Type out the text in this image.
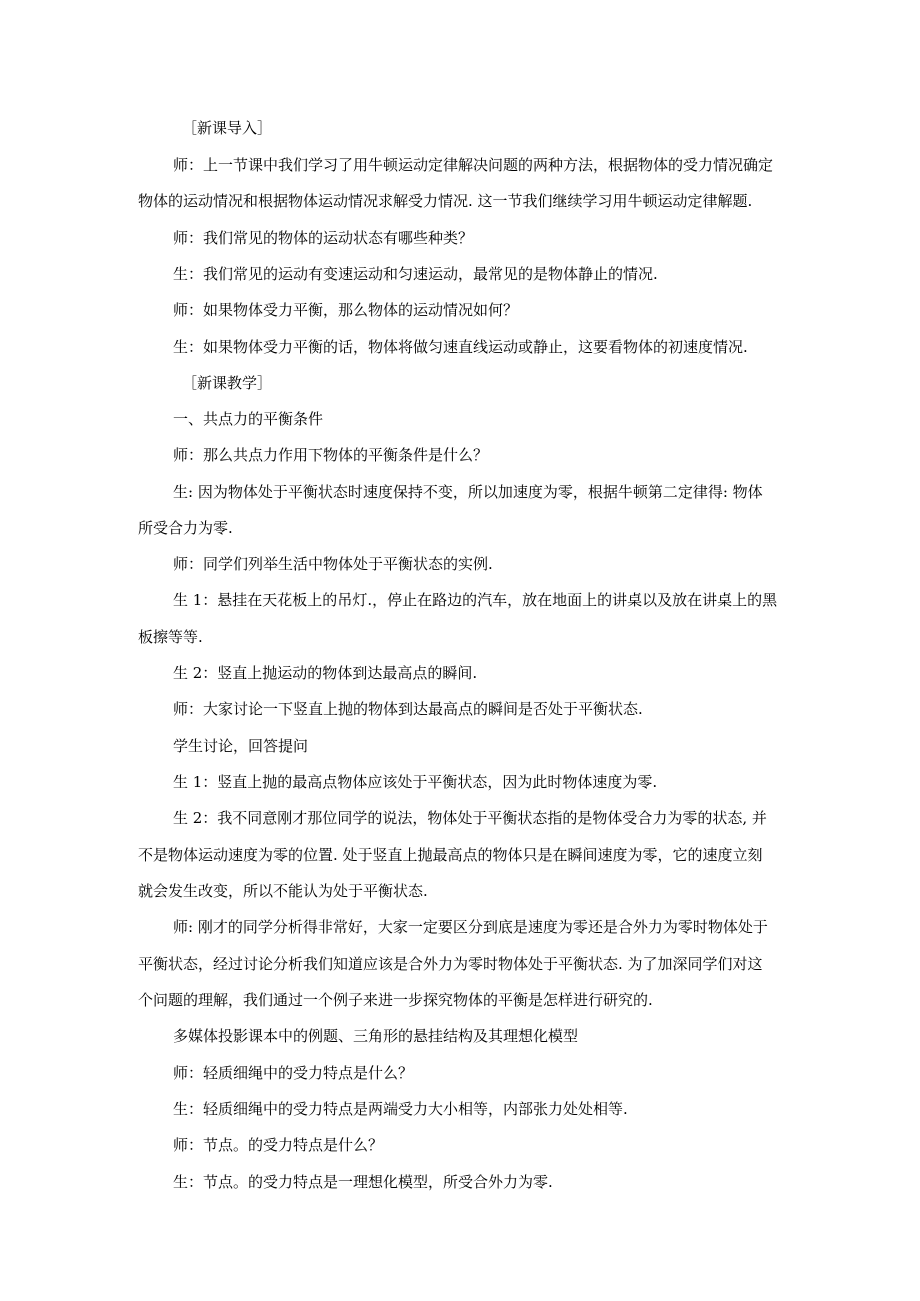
［新课导入］
师：上一节课中我们学习了用牛顿运动定律解决问题的两种方法，根据物体的受力情况确定
物体的运动情况和根据物体运动情况求解受力情况. 这一节我们继续学习用牛顿运动定律解题.
师：我们常见的物体的运动状态有哪些种类？
生：我们常见的运动有变速运动和匀速运动，最常见的是物体静止的情况.
师：如果物体受力平衡，那么物体的运动情况如何？
生：如果物体受力平衡的话，物体将做匀速直线运动或静止，这要看物体的初速度情况.
［新课教学］
一、共点力的平衡条件
师：那么共点力作用下物体的平衡条件是什么？
生: 因为物体处于平衡状态时速度保持不变，所以加速度为零，根据牛顿第二定律得: 物体
所受合力为零.
师：同学们列举生活中物体处于平衡状态的实例.
生 1：悬挂在天花板上的吊灯.，停止在路边的汽车，放在地面上的讲桌以及放在讲桌上的黑
板擦等等.
生 2：竖直上抛运动的物体到达最高点的瞬间.
师：大家讨论一下竖直上抛的物体到达最高点的瞬间是否处于平衡状态.
学生讨论，回答提问
生 1：竖直上抛的最高点物体应该处于平衡状态，因为此时物体速度为零.
生 2：我不同意刚才那位同学的说法，物体处于平衡状态指的是物体受合力为零的状态, 并
不是物体运动速度为零的位置. 处于竖直上抛最高点的物体只是在瞬间速度为零，它的速度立刻
就会发生改变，所以不能认为处于平衡状态.
师: 刚才的同学分析得非常好，大家一定要区分到底是速度为零还是合外力为零时物体处于
平衡状态，经过讨论分析我们知道应该是合外力为零时物体处于平衡状态. 为了加深同学们对这
个问题的理解，我们通过一个例子来进一步探究物体的平衡是怎样进行研究的.
多媒体投影课本中的例题、三角形的悬挂结构及其理想化模型
师：轻质细绳中的受力特点是什么？
生：轻质细绳中的受力特点是两端受力大小相等，内部张力处处相等.
师：节点。的受力特点是什么？
生：节点。的受力特点是一理想化模型，所受合外力为零.
